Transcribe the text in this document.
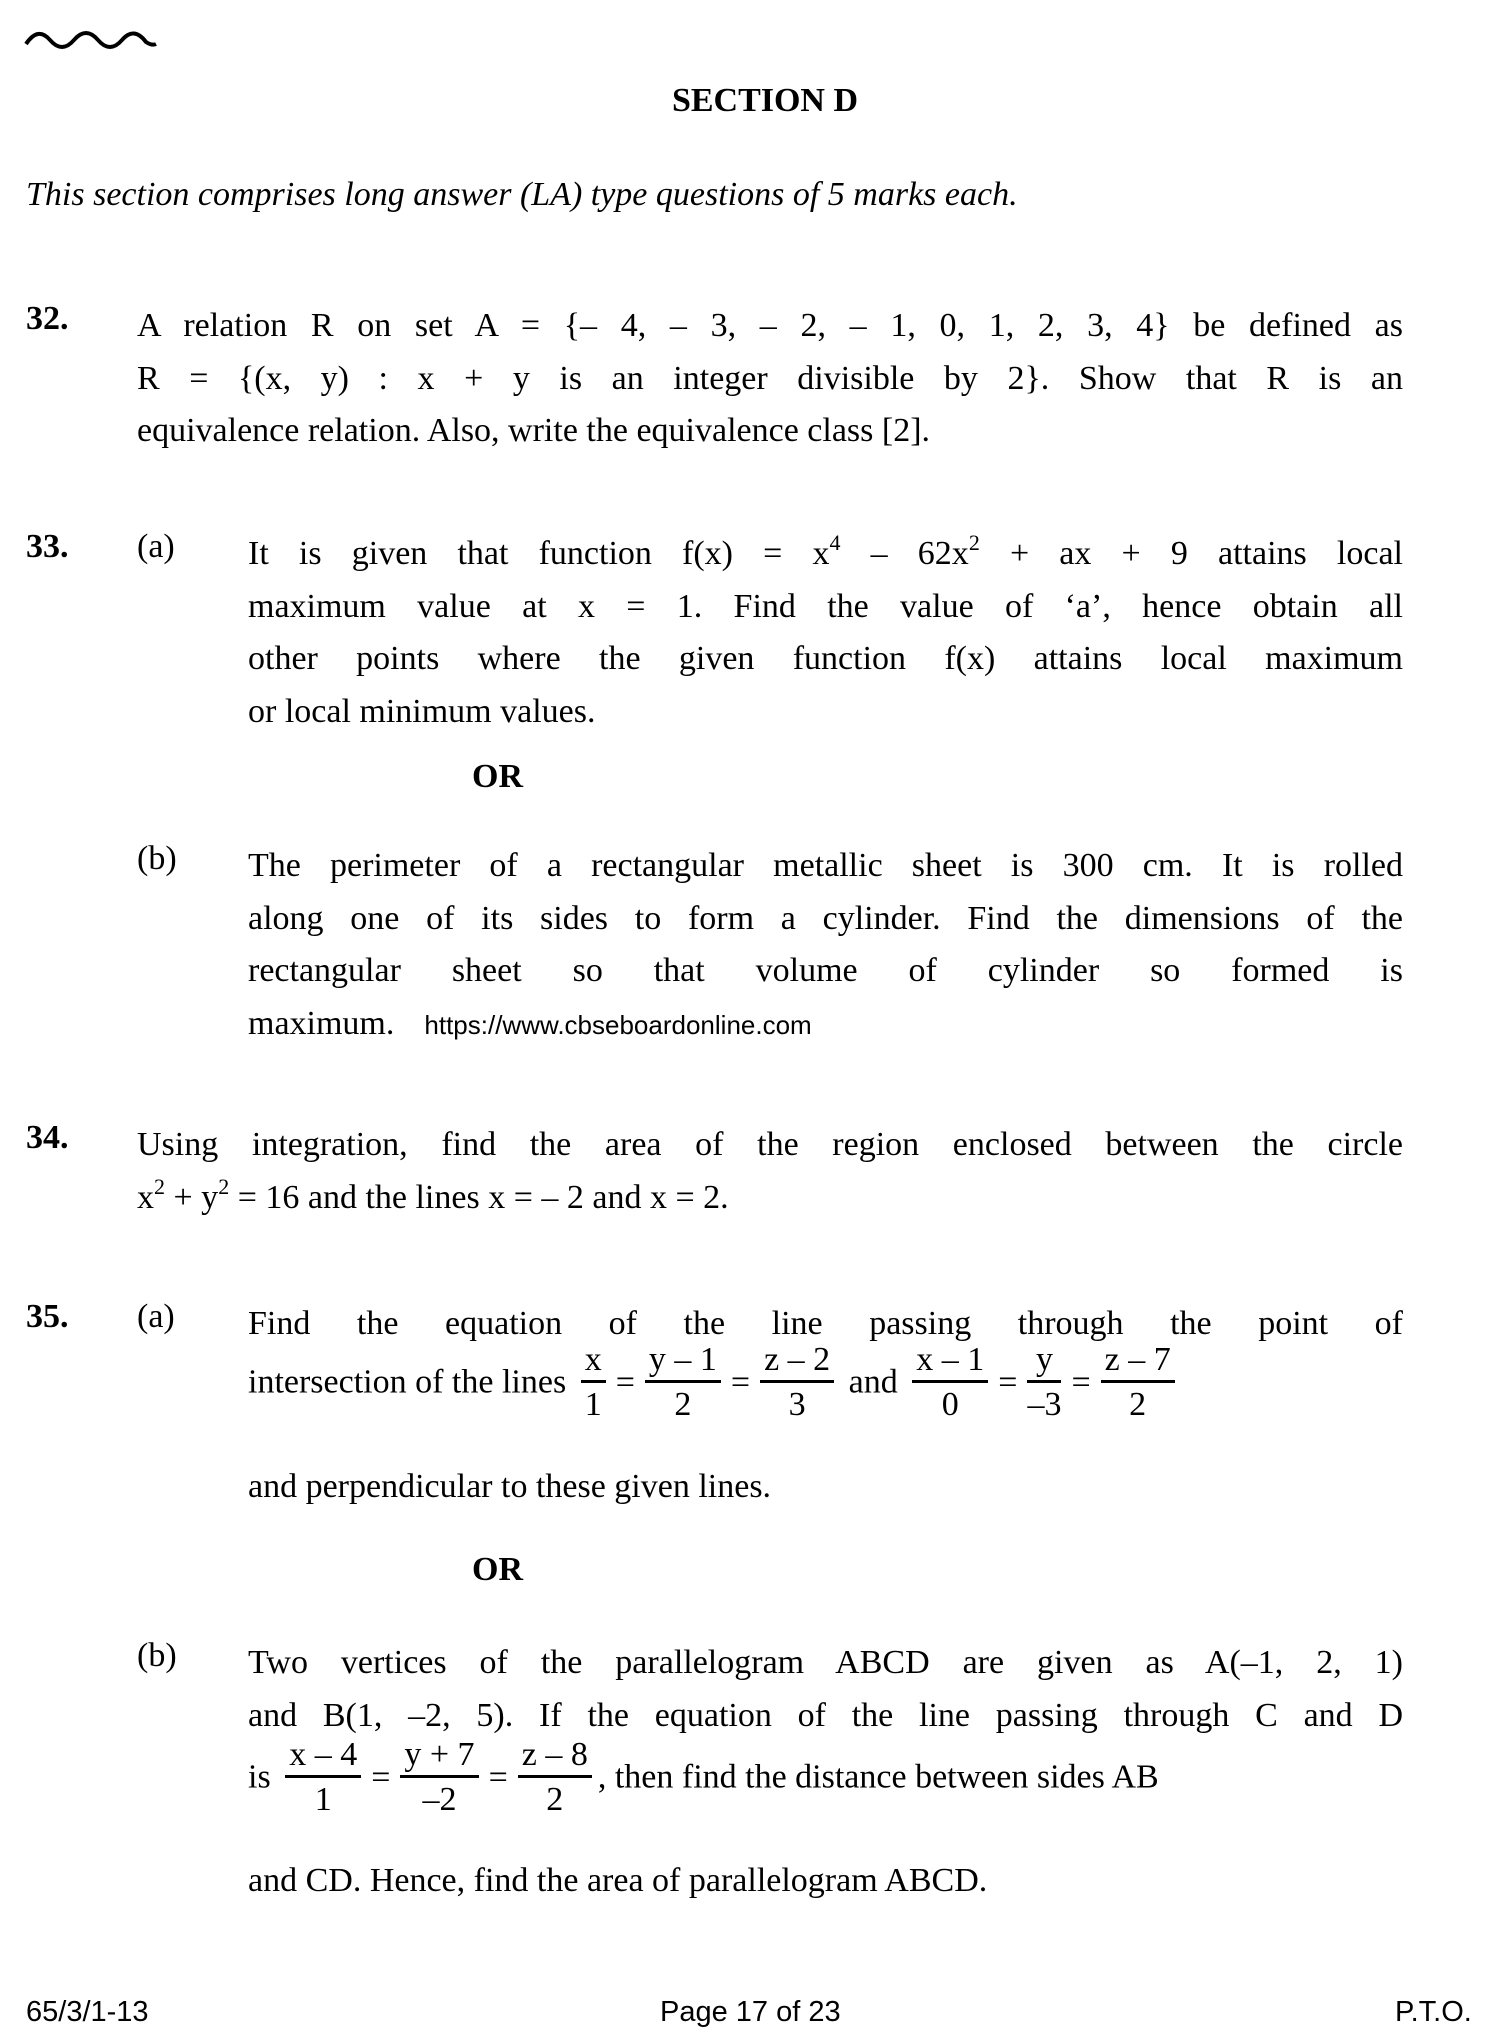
SECTION D
This section comprises long answer (LA) type questions of 5 marks each.
32. A relation R on set A = {– 4, – 3, – 2, – 1, 0, 1, 2, 3, 4} be defined as
R = {(x, y) : x + y is an integer divisible by 2}. Show that R is an
equivalence relation. Also, write the equivalence class [2].
33. (a) It is given that function $f(x) = x^4 - 62x^2$ + ax + 9 attains local
maximum value at x = 1. Find the value of ‘a’, hence obtain all
other points where the given function f(x) attains local maximum
or local minimum values.
OR
(b) The perimeter of a rectangular metallic sheet is 300 cm. It is rolled
along one of its sides to form a cylinder. Find the dimensions of the
rectangular sheet so that volume of cylinder so formed is
maximum. https://www.cbseboardonline.com
34. Using integration, find the area of the region enclosed between the circle
$x^2 + y^2 = 16$ and the lines x = – 2 and x = 2.
35. (a) Find the equation of the line passing through the point of
intersection of the lines $\frac{x}{1} = \frac{y - 1}{2} = \frac{z - 2}{3}$ and $\frac{x - 1}{0} = \frac{y}{-3} = \frac{z - 7}{2}$
and perpendicular to these given lines.
OR
(b) Two vertices of the parallelogram ABCD are given as A(–1, 2, 1)
and B(1, –2, 5). If the equation of the line passing through C and D
is $\frac{x - 4}{1} = \frac{y + 7}{-2} = \frac{z - 8}{2}$ , then find the distance between sides AB
and CD. Hence, find the area of parallelogram ABCD.
65/3/1-13	Page 17 of 23	P.T.O.
